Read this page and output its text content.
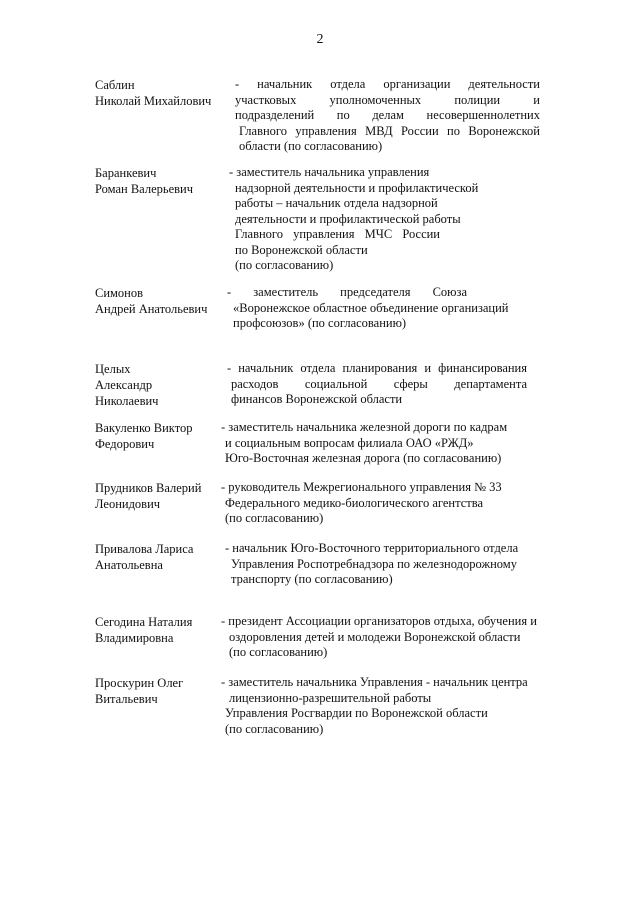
2
Саблин
Николай Михайлович
- начальник отдела организации деятельности
участковых уполномоченных полиции и
подразделений по делам несовершеннолетних
Главного управления МВД России по Воронежской
области (по согласованию)
Баранкевич
Роман Валерьевич
- заместитель начальника управления
надзорной деятельности и профилактической
работы – начальник отдела надзорной
деятельности и профилактической работы
Главного управления МЧС России
по Воронежской области
(по согласованию)
Симонов
Андрей Анатольевич
- заместитель председателя Союза
«Воронежское областное объединение организаций
профсоюзов» (по согласованию)
Целых
Александр
Николаевич
- начальник отдела планирования и финансирования
расходов социальной сферы департамента
финансов Воронежской области
Вакуленко Виктор
Федорович
- заместитель начальника железной дороги по кадрам
и социальным вопросам филиала ОАО «РЖД»
Юго-Восточная железная дорога (по согласованию)
Прудников Валерий
Леонидович
- руководитель Межрегионального управления № 33
Федерального медико-биологического агентства
(по согласованию)
Привалова Лариса
Анатольевна
- начальник Юго-Восточного территориального отдела
Управления Роспотребнадзора по железнодорожному
транспорту (по согласованию)
Сегодина Наталия
Владимировна
- президент Ассоциации организаторов отдыха, обучения и
оздоровления детей и молодежи Воронежской области
(по согласованию)
Проскурин Олег
Витальевич
- заместитель начальника Управления - начальник центра
лицензионно-разрешительной работы
Управления Росгвардии по Воронежской области
(по согласованию)
